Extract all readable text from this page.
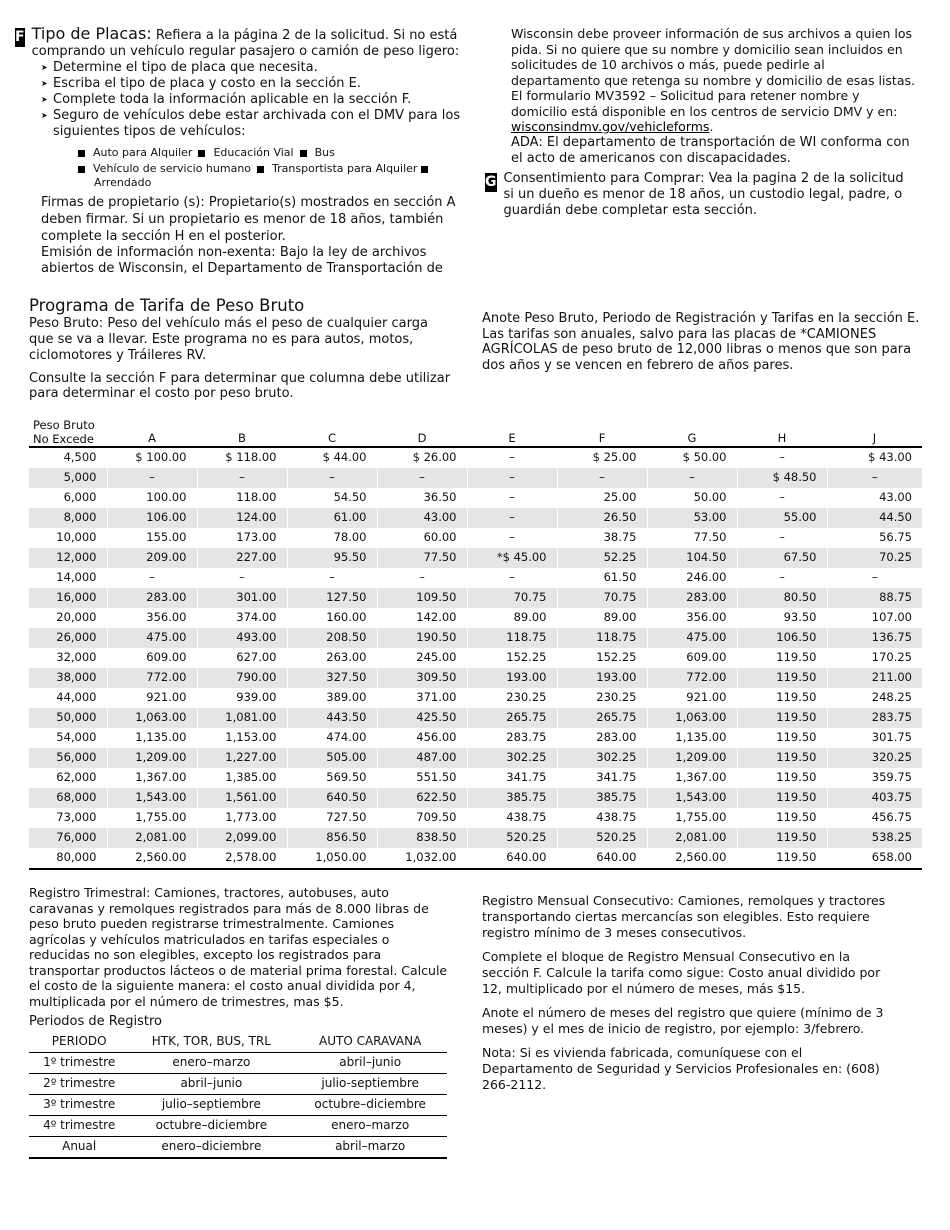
F Tipo de Placas: Refiera a la página 2 de la solicitud. Si no está comprando un vehículo regular pasajero o camión de peso ligero:
➤ Determine el tipo de placa que necesita.
➤ Escriba el tipo de placa y costo en la sección E.
➤ Complete toda la información aplicable en la sección F.
➤ Seguro de vehículos debe estar archivada con el DMV para los siguientes tipos de vehículos:
Auto para Alquiler Educación Vial Bus
Vehículo de servicio humano Transportista para Alquiler
Arrendado

Firmas de propietario (s): Propietario(s) mostrados en sección A deben firmar. Si un propietario es menor de 18 años, también complete la sección H en el posterior.

Emisión de información non-exenta: Bajo la ley de archivos abiertos de Wisconsin, el Departamento de Transportación de

Wisconsin debe proveer información de sus archivos a quien los pida. Si no quiere que su nombre y domicilio sean incluidos en solicitudes de 10 archivos o más, puede pedirle al departamento que retenga su nombre y domicilio de esas listas. El formulario MV3592 – Solicitud para retener nombre y domicilio está disponible en los centros de servicio DMV y en: wisconsindmv.gov/vehicleforms.

ADA: El departamento de transportación de WI conforma con el acto de americanos con discapacidades.

G Consentimiento para Comprar: Vea la pagina 2 de la solicitud si un dueño es menor de 18 años, un custodio legal, padre, o guardián debe completar esta sección.

Programa de Tarifa de Peso Bruto

Peso Bruto: Peso del vehículo más el peso de cualquier carga que se va a llevar. Este programa no es para autos, motos, ciclomotores y Tráileres RV.

Consulte la sección F para determinar que columna debe utilizar para determinar el costo por peso bruto.

Anote Peso Bruto, Periodo de Registración y Tarifas en la sección E. Las tarifas son anuales, salvo para las placas de *CAMIONES AGRÍCOLAS de peso bruto de 12,000 libras o menos que son para dos años y se vencen en febrero de años pares.
Peso Bruto No Excede	A	B	C	D	E	F	G	H	J
4,500	$ 100.00	$ 118.00	$ 44.00	$ 26.00	–	$ 25.00	$ 50.00	–	$ 43.00
5,000	–	–	–	–	–	–	–	$ 48.50	–
6,000	100.00	118.00	54.50	36.50	–	25.00	50.00	–	43.00
8,000	106.00	124.00	61.00	43.00	–	26.50	53.00	55.00	44.50
10,000	155.00	173.00	78.00	60.00	–	38.75	77.50	–	56.75
12,000	209.00	227.00	95.50	77.50	*$ 45.00	52.25	104.50	67.50	70.25
14,000	–	–	–	–	–	61.50	246.00	–	–
16,000	283.00	301.00	127.50	109.50	70.75	70.75	283.00	80.50	88.75
20,000	356.00	374.00	160.00	142.00	89.00	89.00	356.00	93.50	107.00
26,000	475.00	493.00	208.50	190.50	118.75	118.75	475.00	106.50	136.75
32,000	609.00	627.00	263.00	245.00	152.25	152.25	609.00	119.50	170.25
38,000	772.00	790.00	327.50	309.50	193.00	193.00	772.00	119.50	211.00
44,000	921.00	939.00	389.00	371.00	230.25	230.25	921.00	119.50	248.25
50,000	1,063.00	1,081.00	443.50	425.50	265.75	265.75	1,063.00	119.50	283.75
54,000	1,135.00	1,153.00	474.00	456.00	283.75	283.00	1,135.00	119.50	301.75
56,000	1,209.00	1,227.00	505.00	487.00	302.25	302.25	1,209.00	119.50	320.25
62,000	1,367.00	1,385.00	569.50	551.50	341.75	341.75	1,367.00	119.50	359.75
68,000	1,543.00	1,561.00	640.50	622.50	385.75	385.75	1,543.00	119.50	403.75
73,000	1,755.00	1,773.00	727.50	709.50	438.75	438.75	1,755.00	119.50	456.75
76,000	2,081.00	2,099.00	856.50	838.50	520.25	520.25	2,081.00	119.50	538.25
80,000	2,560.00	2,578.00	1,050.00	1,032.00	640.00	640.00	2,560.00	119.50	658.00

Registro Trimestral: Camiones, tractores, autobuses, auto caravanas y remolques registrados para más de 8.000 libras de peso bruto pueden registrarse trimestralmente. Camiones agrícolas y vehículos matriculados en tarifas especiales o reducidas no son elegibles, excepto los registrados para transportar productos lácteos o de material prima forestal. Calcule el costo de la siguiente manera: el costo anual dividida por 4, multiplicada por el número de trimestres, mas $5.

Periodos de Registro
PERIODO	HTK, TOR, BUS, TRL	AUTO CARAVANA
1º trimestre	enero–marzo	abril–junio
2º trimestre	abril–junio	julio-septiembre
3º trimestre	julio–septiembre	octubre–diciembre
4º trimestre	octubre–diciembre	enero–marzo
Anual	enero–diciembre	abril–marzo

Registro Mensual Consecutivo: Camiones, remolques y tractores transportando ciertas mercancías son elegibles. Esto requiere registro mínimo de 3 meses consecutivos.

Complete el bloque de Registro Mensual Consecutivo en la sección F. Calcule la tarifa como sigue: Costo anual dividido por 12, multiplicado por el número de meses, más $15.

Anote el número de meses del registro que quiere (mínimo de 3 meses) y el mes de inicio de registro, por ejemplo: 3/febrero.

Nota: Si es vivienda fabricada, comuníquese con el Departamento de Seguridad y Servicios Profesionales en: (608) 266-2112.
